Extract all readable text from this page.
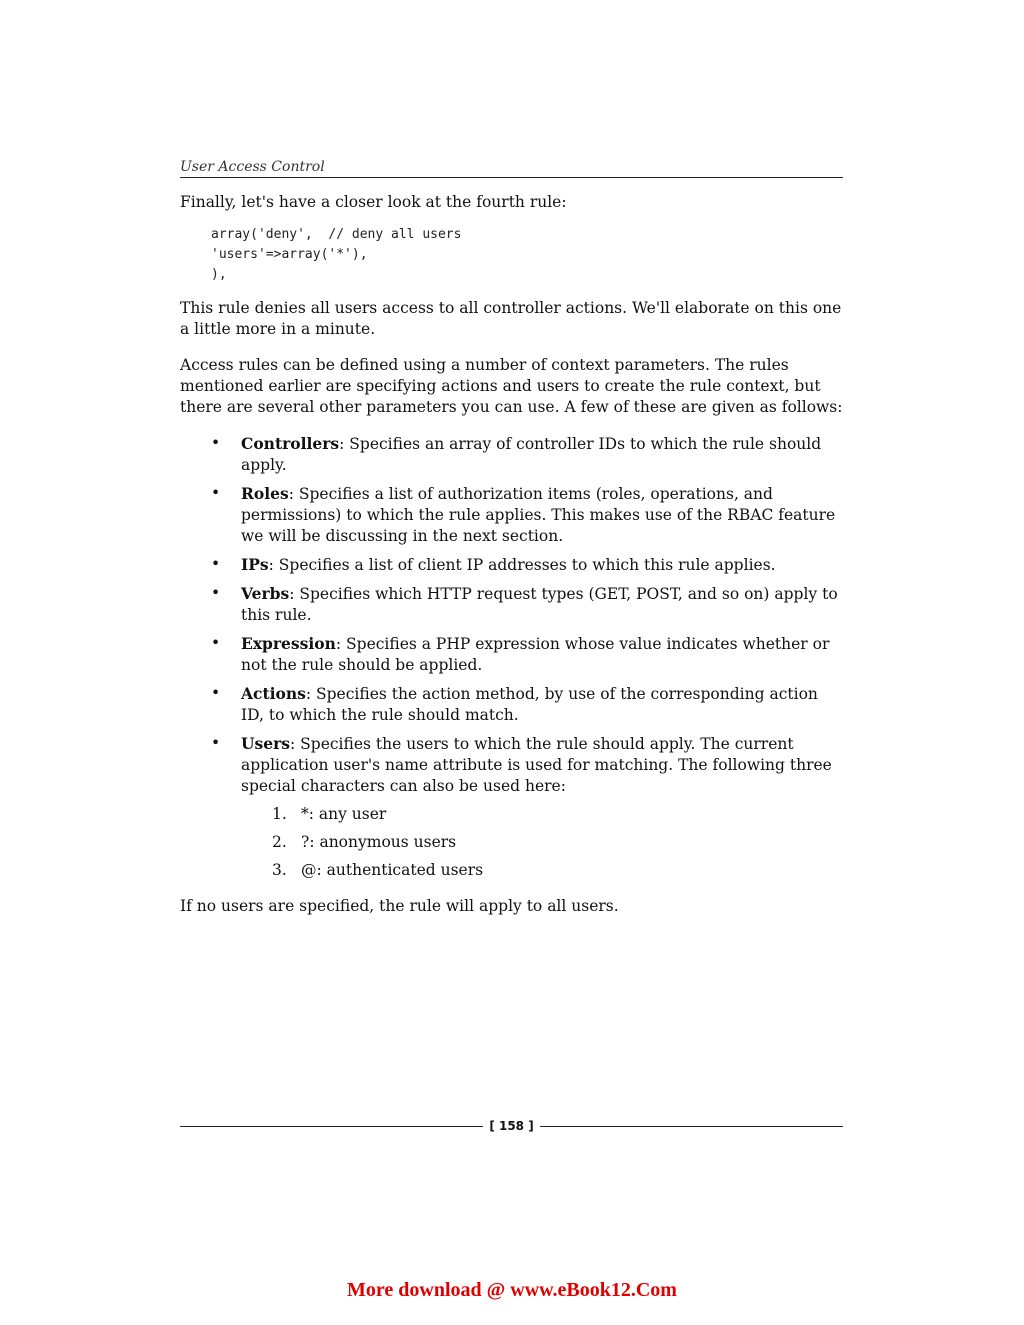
User Access Control

Finally, let's have a closer look at the fourth rule:

array('deny',  // deny all users
'users'=>array('*'),
),

This rule denies all users access to all controller actions. We'll elaborate on this one a little more in a minute.

Access rules can be defined using a number of context parameters. The rules mentioned earlier are specifying actions and users to create the rule context, but there are several other parameters you can use. A few of these are given as follows:

• Controllers: Specifies an array of controller IDs to which the rule should apply.
• Roles: Specifies a list of authorization items (roles, operations, and permissions) to which the rule applies. This makes use of the RBAC feature we will be discussing in the next section.
• IPs: Specifies a list of client IP addresses to which this rule applies.
• Verbs: Specifies which HTTP request types (GET, POST, and so on) apply to this rule.
• Expression: Specifies a PHP expression whose value indicates whether or not the rule should be applied.
• Actions: Specifies the action method, by use of the corresponding action ID, to which the rule should match.
• Users: Specifies the users to which the rule should apply. The current application user's name attribute is used for matching. The following three special characters can also be used here:
1. *: any user
2. ?: anonymous users
3. @: authenticated users

If no users are specified, the rule will apply to all users.

[ 158 ]
More download @ www.eBook12.Com
